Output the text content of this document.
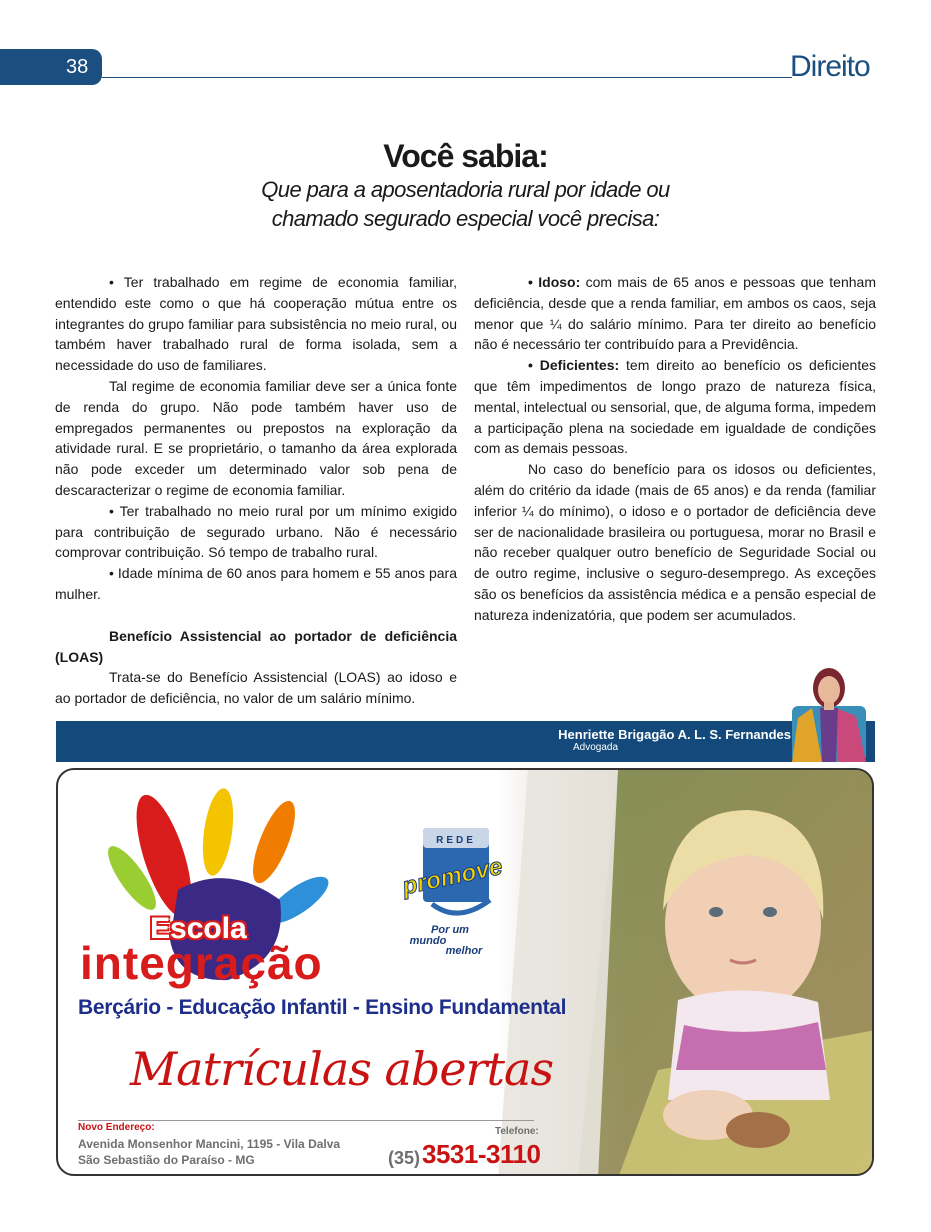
38	Direito
Você sabia:
Que para a aposentadoria rural por idade ou
chamado segurado especial você precisa:

• Ter trabalhado em regime de economia familiar, entendido este como o que há cooperação mútua entre os integrantes do grupo familiar para subsistência no meio rural, ou também haver trabalhado rural de forma isolada, sem a necessidade do uso de familiares.

Tal regime de economia familiar deve ser a única fonte de renda do grupo. Não pode também haver uso de empregados permanentes ou prepostos na exploração da atividade rural. E se proprietário, o tamanho da área explorada não pode exceder um determinado valor sob pena de descaracterizar o regime de economia familiar.

• Ter trabalhado no meio rural por um mínimo exigido para contribuição de segurado urbano. Não é necessário comprovar contribuição. Só tempo de trabalho rural.

• Idade mínima de 60 anos para homem e 55 anos para mulher.

Benefício Assistencial ao portador de deficiência (LOAS)

Trata-se do Benefício Assistencial (LOAS) ao idoso e ao portador de deficiência, no valor de um salário mínimo.

• Idoso: com mais de 65 anos e pessoas que tenham deficiência, desde que a renda familiar, em ambos os caos, seja menor que ¼ do salário mínimo. Para ter direito ao benefício não é necessário ter contribuído para a Previdência.

• Deficientes: tem direito ao benefício os deficientes que têm impedimentos de longo prazo de natureza física, mental, intelectual ou sensorial, que, de alguma forma, impedem a participação plena na sociedade em igualdade de condições com as demais pessoas.

No caso do benefício para os idosos ou deficientes, além do critério da idade (mais de 65 anos) e da renda (familiar inferior ¼ do mínimo), o idoso e o portador de deficiência deve ser de nacionalidade brasileira ou portuguesa, morar no Brasil e não receber qualquer outro benefício de Seguridade Social ou de outro regime, inclusive o seguro-desemprego. As exceções são os benefícios da assistência médica e a pensão especial de natureza indenizatória, que podem ser acumulados.

Henriette Brigagão A. L. S. Fernandes
Advogada
Escola
integração
Berçário - Educação Infantil - Ensino Fundamental
Matrículas abertas
REDE
promove
Por um
mundo
melhor
Novo Endereço:
Avenida Monsenhor Mancini, 1195 - Vila Dalva
São Sebastião do Paraíso - MG
Telefone:
(35) 3531-3110
